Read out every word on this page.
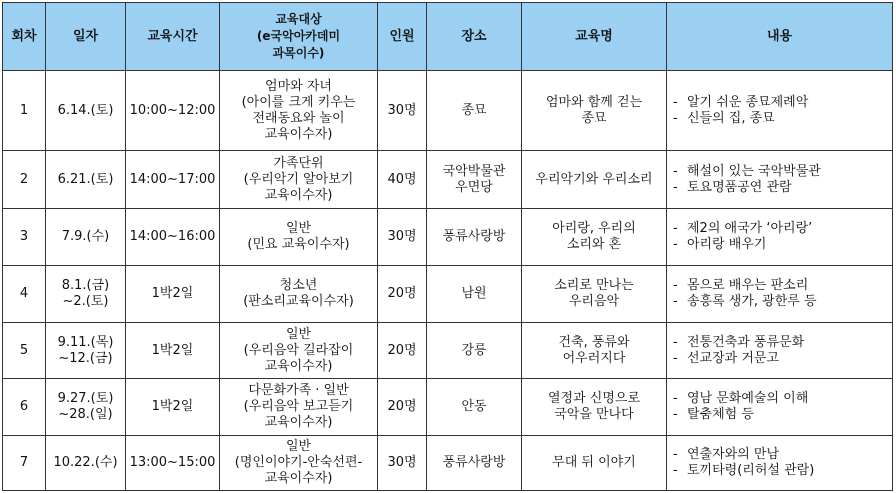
회차	일자	교육시간	교육대상
(e국악아카데미
과목이수)	인원	장소	교육명	내용
1	6.14.(토)	10:00~12:00	엄마와 자녀
(아이를 크게 키우는
전래동요와 놀이
교육이수자)	30명	종묘	엄마와 함께 걷는
종묘	- 알기 쉬운 종묘제례악
- 신들의 집, 종묘

2	6.21.(토)	14:00~17:00	가족단위
(우리악기 알아보기
교육이수자)	40명	국악박물관
우면당	우리악기와 우리소리	- 해설이 있는 국악박물관
- 토요명품공연 관람

3	7.9.(수)	14:00~16:00	일반
(민요 교육이수자)	30명	풍류사랑방	아리랑, 우리의
소리와 혼	- 제2의 애국가 ‘아리랑’
- 아리랑 배우기

4	8.1.(금)
~2.(토)	1박2일	청소년
(판소리교육이수자)	20명	남원	소리로 만나는
우리음악	- 몸으로 배우는 판소리
- 송흥록 생가, 광한루 등

5	9.11.(목)
~12.(금)	1박2일	일반
(우리음악 길라잡이
교육이수자)	20명	강릉	건축, 풍류와
어우러지다	- 전통건축과 풍류문화
- 선교장과 거문고

6	9.27.(토)
~28.(일)	1박2일	다문화가족 · 일반
(우리음악 보고듣기
교육이수자)	20명	안동	열정과 신명으로
국악을 만나다	- 영남 문화예술의 이해
- 탈춤체험 등

7	10.22.(수)	13:00~15:00	일반
(명인이야기-안숙선편-
교육이수자)	30명	풍류사랑방	무대 뒤 이야기	- 연출자와의 만남
- 토끼타령(리허설 관람)
